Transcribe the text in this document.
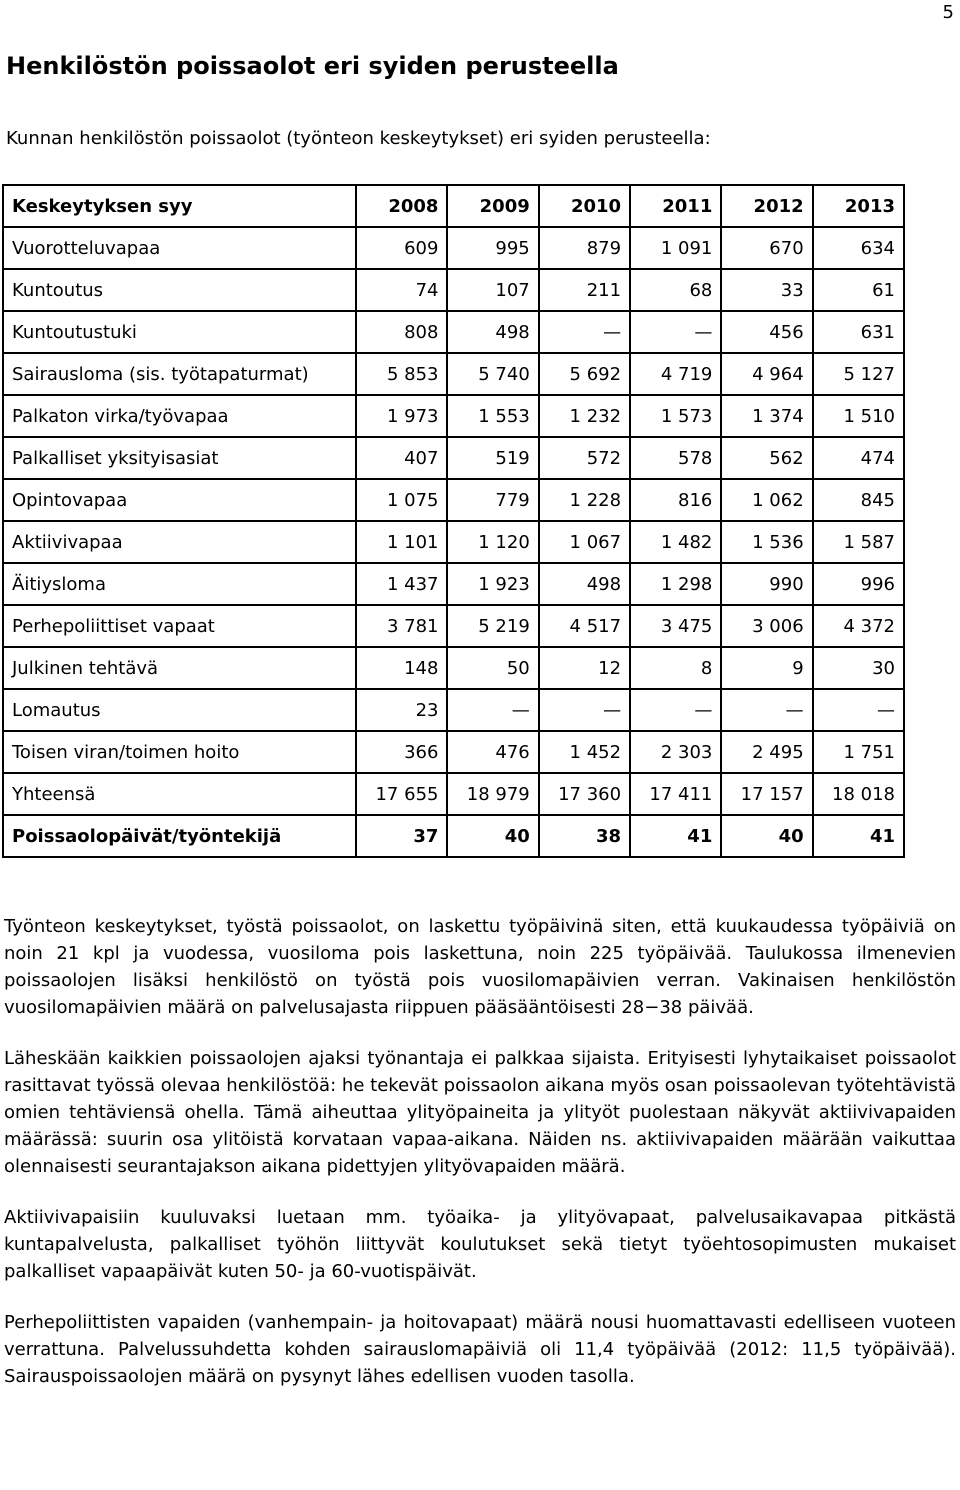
5
Henkilöstön poissaolot eri syiden perusteella

Kunnan henkilöstön poissaolot (työnteon keskeytykset) eri syiden perusteella:

Keskeytyksen syy	2008	2009	2010	2011	2012	2013
Vuorotteluvapaa	609	995	879	1 091	670	634
Kuntoutus	74	107	211	68	33	61
Kuntoutustuki	808	498	—	—	456	631
Sairausloma (sis. työtapaturmat)	5 853	5 740	5 692	4 719	4 964	5 127
Palkaton virka/työvapaa	1 973	1 553	1 232	1 573	1 374	1 510
Palkalliset yksityisasiat	407	519	572	578	562	474
Opintovapaa	1 075	779	1 228	816	1 062	845
Aktiivivapaa	1 101	1 120	1 067	1 482	1 536	1 587
Äitiysloma	1 437	1 923	498	1 298	990	996
Perhepoliittiset vapaat	3 781	5 219	4 517	3 475	3 006	4 372
Julkinen tehtävä	148	50	12	8	9	30
Lomautus	23	—	—	—	—	—
Toisen viran/toimen hoito	366	476	1 452	2 303	2 495	1 751
Yhteensä	17 655	18 979	17 360	17 411	17 157	18 018
Poissaolopäivät/työntekijä	37	40	38	41	40	41

Työnteon keskeytykset, työstä poissaolot, on laskettu työpäivinä siten, että kuukaudessa työpäiviä on noin 21 kpl ja vuodessa, vuosiloma pois laskettuna, noin 225 työpäivää. Taulukossa ilmenevien poissaolojen lisäksi henkilöstö on työstä pois vuosilomapäivien verran. Vakinaisen henkilöstön vuosilomapäivien määrä on palvelusajasta riippuen pääsääntöisesti 28−38 päivää.

Läheskään kaikkien poissaolojen ajaksi työnantaja ei palkkaa sijaista. Erityisesti lyhytaikaiset poissaolot rasittavat työssä olevaa henkilöstöä: he tekevät poissaolon aikana myös osan poissaolevan työtehtävistä omien tehtäviensä ohella. Tämä aiheuttaa ylityöpaineita ja ylityöt puolestaan näkyvät aktiivivapaiden määrässä: suurin osa ylitöistä korvataan vapaa-aikana. Näiden ns. aktiivivapaiden määrään vaikuttaa olennaisesti seurantajakson aikana pidettyjen ylityövapaiden määrä.

Aktiivivapaisiin kuuluvaksi luetaan mm. työaika- ja ylityövapaat, palvelusaikavapaa pitkästä kuntapalvelusta, palkalliset työhön liittyvät koulutukset sekä tietyt työehtosopimusten mukaiset palkalliset vapaapäivät kuten 50- ja 60-vuotispäivät.

Perhepoliittisten vapaiden (vanhempain- ja hoitovapaat) määrä nousi huomattavasti edelliseen vuoteen verrattuna. Palvelussuhdetta kohden sairauslomapäiviä oli 11,4 työpäivää (2012: 11,5 työpäivää). Sairauspoissaolojen määrä on pysynyt lähes edellisen vuoden tasolla.
